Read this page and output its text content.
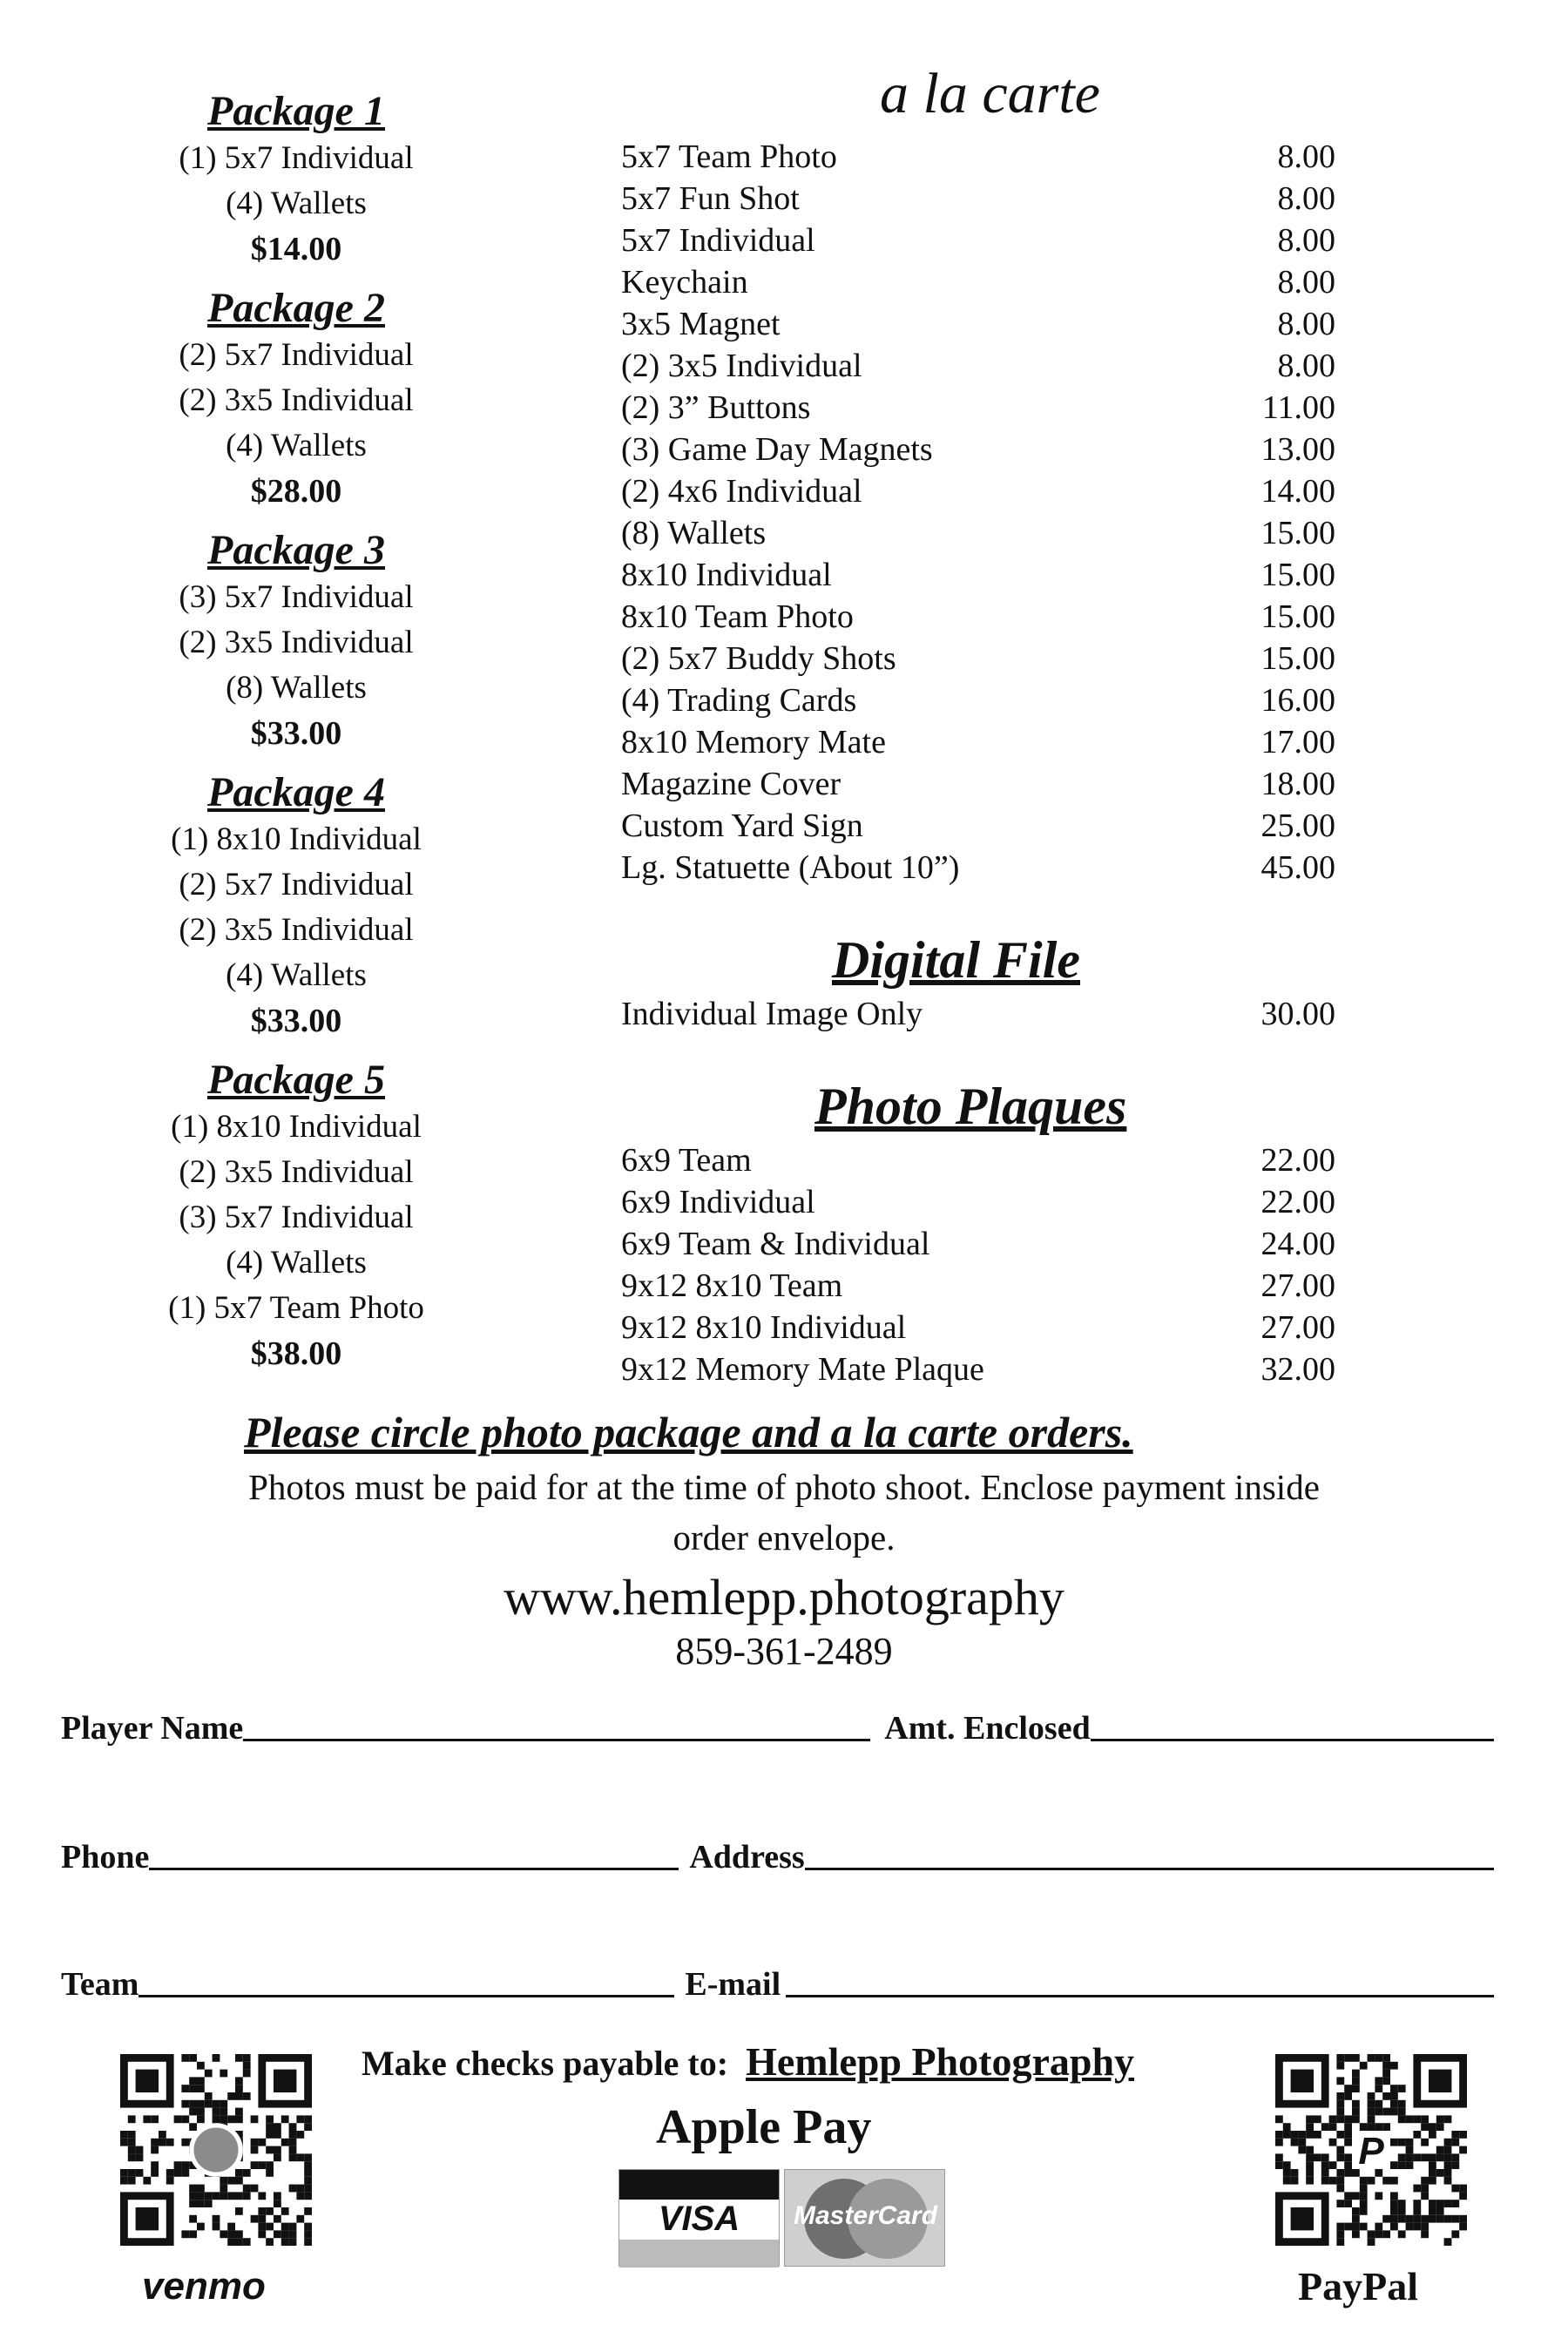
Package 1
(1) 5x7 Individual
(4) Wallets
$14.00
Package 2
(2) 5x7 Individual
(2) 3x5 Individual
(4) Wallets
$28.00
Package 3
(3) 5x7 Individual
(2) 3x5 Individual
(8) Wallets
$33.00
Package 4
(1) 8x10 Individual
(2) 5x7 Individual
(2) 3x5 Individual
(4) Wallets
$33.00
Package 5
(1) 8x10 Individual
(2) 3x5 Individual
(3) 5x7 Individual
(4) Wallets
(1) 5x7 Team Photo
$38.00
a la carte
5x7 Team Photo	8.00
5x7 Fun Shot	8.00
5x7 Individual	8.00
Keychain	8.00
3x5 Magnet	8.00
(2) 3x5 Individual	8.00
(2) 3” Buttons	11.00
(3) Game Day Magnets	13.00
(2) 4x6 Individual	14.00
(8) Wallets	15.00
8x10 Individual	15.00
8x10 Team Photo	15.00
(2) 5x7 Buddy Shots	15.00
(4) Trading Cards	16.00
8x10 Memory Mate	17.00
Magazine Cover	18.00
Custom Yard Sign	25.00
Lg. Statuette (About 10”)	45.00
Digital File
Individual Image Only	30.00
Photo Plaques
6x9 Team	22.00
6x9 Individual	22.00
6x9 Team & Individual	24.00
9x12 8x10 Team	27.00
9x12 8x10 Individual	27.00
9x12 Memory Mate Plaque	32.00
Please circle photo package and a la carte orders.
Photos must be paid for at the time of photo shoot. Enclose payment inside
order envelope.
www.hemlepp.photography
859-361-2489
Player Name	Amt. Enclosed
Phone	Address
Team	E-mail
Make checks payable to: Hemlepp Photography
Apple Pay
VISA	MasterCard
venmo
P
PayPal
